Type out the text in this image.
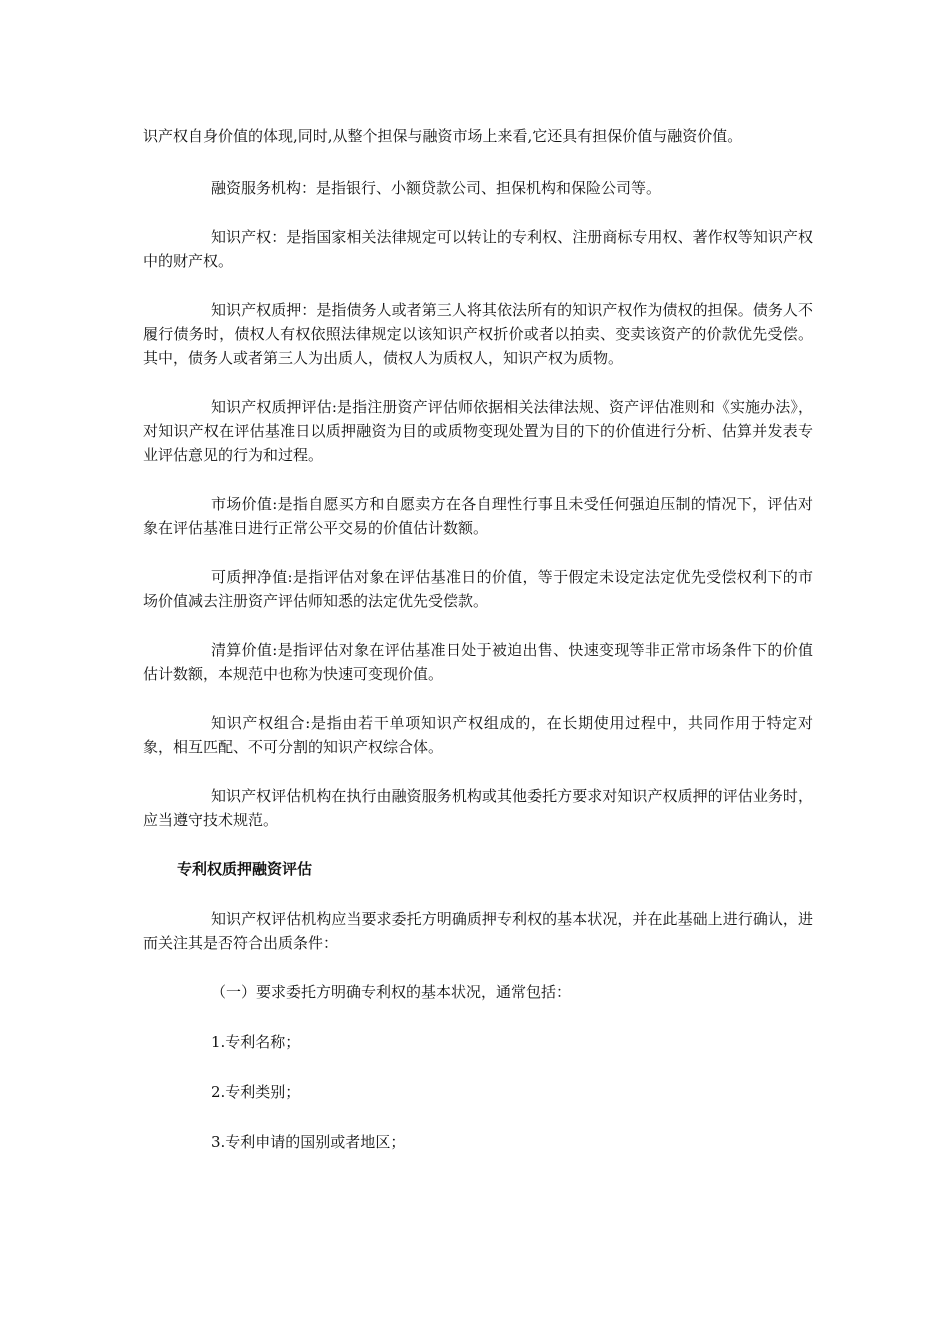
识产权自身价值的体现,同时,从整个担保与融资市场上来看,它还具有担保价值与融资价值。

融资服务机构：是指银行、小额贷款公司、担保机构和保险公司等。

知识产权：是指国家相关法律规定可以转让的专利权、注册商标专用权、著作权等知识产权中的财产权。

知识产权质押：是指债务人或者第三人将其依法所有的知识产权作为债权的担保。债务人不履行债务时，债权人有权依照法律规定以该知识产权折价或者以拍卖、变卖该资产的价款优先受偿。其中，债务人或者第三人为出质人，债权人为质权人，知识产权为质物。

知识产权质押评估:是指注册资产评估师依据相关法律法规、资产评估准则和《实施办法》，对知识产权在评估基准日以质押融资为目的或质物变现处置为目的下的价值进行分析、估算并发表专业评估意见的行为和过程。

市场价值:是指自愿买方和自愿卖方在各自理性行事且未受任何强迫压制的情况下，评估对象在评估基准日进行正常公平交易的价值估计数额。

可质押净值:是指评估对象在评估基准日的价值，等于假定未设定法定优先受偿权利下的市场价值减去注册资产评估师知悉的法定优先受偿款。

清算价值:是指评估对象在评估基准日处于被迫出售、快速变现等非正常市场条件下的价值估计数额，本规范中也称为快速可变现价值。

知识产权组合:是指由若干单项知识产权组成的，在长期使用过程中，共同作用于特定对象，相互匹配、不可分割的知识产权综合体。

知识产权评估机构在执行由融资服务机构或其他委托方要求对知识产权质押的评估业务时，应当遵守技术规范。

专利权质押融资评估

知识产权评估机构应当要求委托方明确质押专利权的基本状况，并在此基础上进行确认，进而关注其是否符合出质条件：

（一）要求委托方明确专利权的基本状况，通常包括：

1.专利名称；

2.专利类别；

3.专利申请的国别或者地区；
